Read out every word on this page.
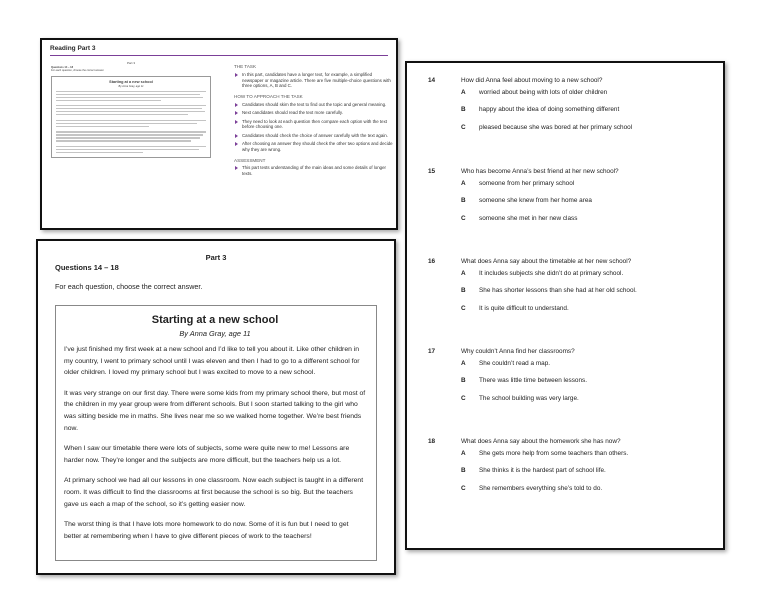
Reading Part 3
Part 3
Questions 14 – 18
For each question, choose the correct answer.
Starting at a new school
By Anna Gray, age 11
THE TASK
In this part, candidates have a longer text, for example, a simplified newspaper or magazine article. There are five multiple-choice questions with three options, A, B and C.
HOW TO APPROACH THE TASK
Candidates should skim the text to find out the topic and general meaning.
Next candidates should read the text more carefully.
They need to look at each question then compare each option with the text before choosing one.
Candidates should check the choice of answer carefully with the text again.
After choosing an answer they should check the other two options and decide why they are wrong.
ASSESSMENT
This part tests understanding of the main ideas and some details of longer texts.
Part 3
Questions 14 – 18
For each question, choose the correct answer.
Starting at a new school
By Anna Gray, age 11

I’ve just finished my first week at a new school and I’d like to tell you about it. Like other children in my country, I went to primary school until I was eleven and then I had to go to a different school for older children. I loved my primary school but I was excited to move to a new school.

It was very strange on our first day. There were some kids from my primary school there, but most of the children in my year group were from different schools. But I soon started talking to the girl who was sitting beside me in maths. She lives near me so we walked home together. We’re best friends now.

When I saw our timetable there were lots of subjects, some were quite new to me! Lessons are harder now. They’re longer and the subjects are more difficult, but the teachers help us a lot.

At primary school we had all our lessons in one classroom. Now each subject is taught in a different room. It was difficult to find the classrooms at first because the school is so big. But the teachers gave us each a map of the school, so it’s getting easier now.

The worst thing is that I have lots more homework to do now. Some of it is fun but I need to get better at remembering when I have to give different pieces of work to the teachers!

14	How did Anna feel about moving to a new school?
A worried about being with lots of older children
B happy about the idea of doing something different
C pleased because she was bored at her primary school
15	Who has become Anna’s best friend at her new school?
A someone from her primary school
B someone she knew from her home area
C someone she met in her new class
16	What does Anna say about the timetable at her new school?
A It includes subjects she didn’t do at primary school.
B She has shorter lessons than she had at her old school.
C It is quite difficult to understand.
17	Why couldn’t Anna find her classrooms?
A She couldn’t read a map.
B There was little time between lessons.
C The school building was very large.
18	What does Anna say about the homework she has now?
A She gets more help from some teachers than others.
B She thinks it is the hardest part of school life.
C She remembers everything she’s told to do.
